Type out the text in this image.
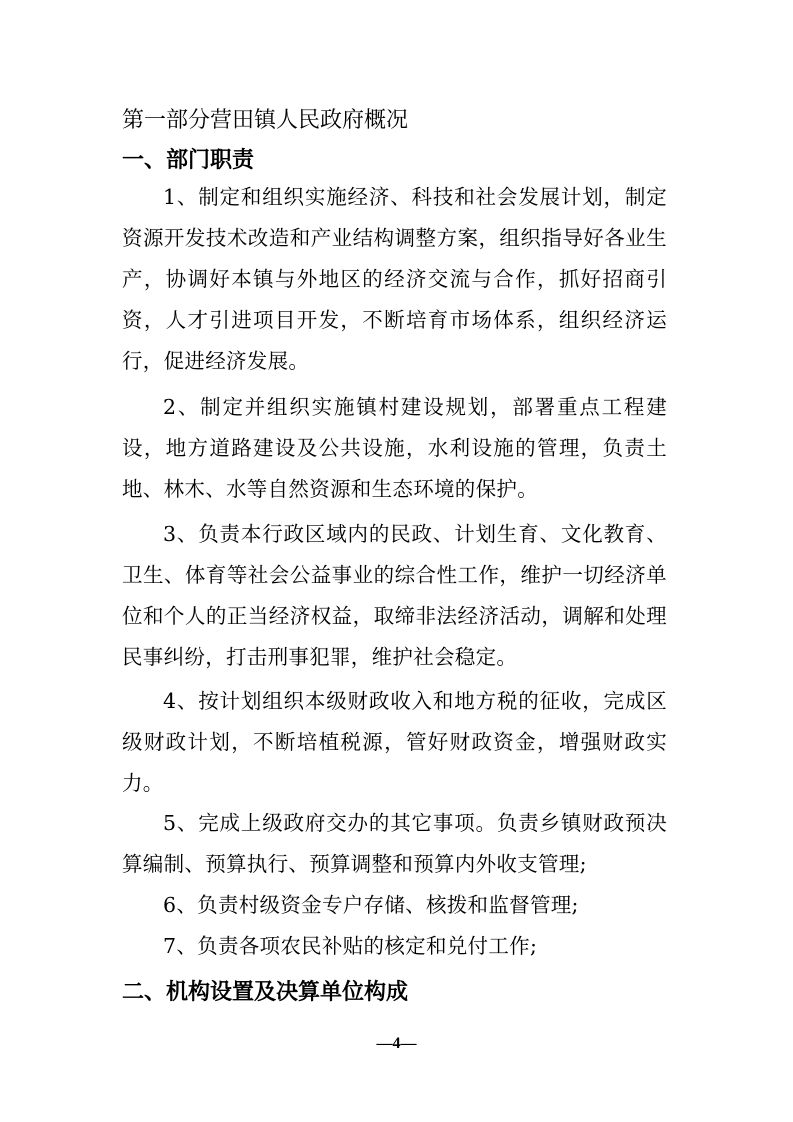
第一部分营田镇人民政府概况
一、部门职责
1、制定和组织实施经济、科技和社会发展计划，制定资源开发技术改造和产业结构调整方案，组织指导好各业生产，协调好本镇与外地区的经济交流与合作，抓好招商引资，人才引进项目开发，不断培育市场体系，组织经济运行，促进经济发展。
2、制定并组织实施镇村建设规划，部署重点工程建设，地方道路建设及公共设施，水利设施的管理，负责土地、林木、水等自然资源和生态环境的保护。
3、负责本行政区域内的民政、计划生育、文化教育、卫生、体育等社会公益事业的综合性工作，维护一切经济单位和个人的正当经济权益，取缔非法经济活动，调解和处理民事纠纷，打击刑事犯罪，维护社会稳定。
4、按计划组织本级财政收入和地方税的征收，完成区级财政计划，不断培植税源，管好财政资金，增强财政实力。
5、完成上级政府交办的其它事项。负责乡镇财政预决算编制、预算执行、预算调整和预算内外收支管理;
6、负责村级资金专户存储、核拨和监督管理;
7、负责各项农民补贴的核定和兑付工作;
二、机构设置及决算单位构成
—4—
